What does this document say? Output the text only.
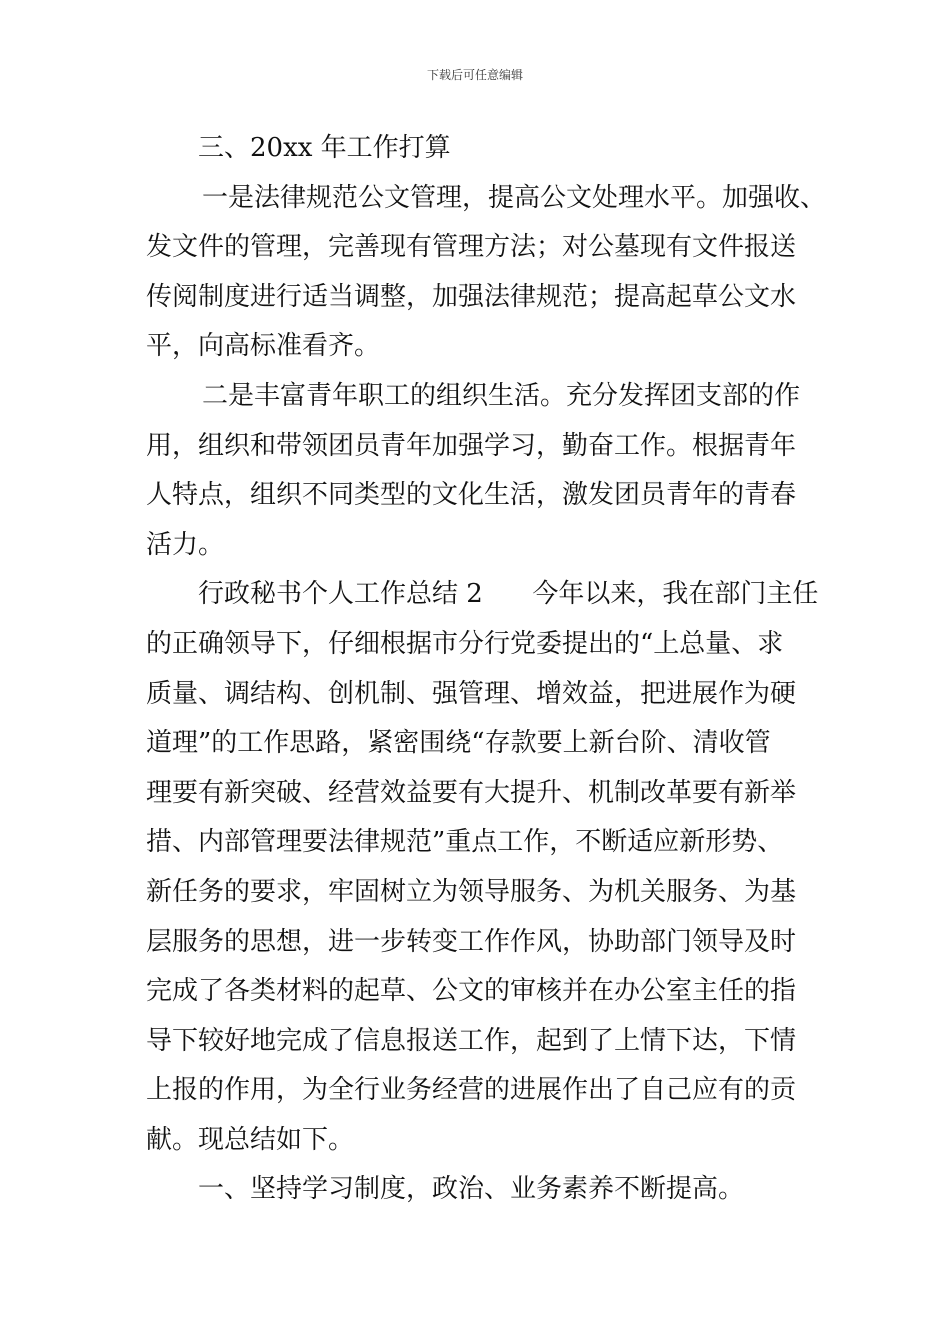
下载后可任意编辑
三、20xx 年工作打算
一是法律规范公文管理，提高公文处理水平。加强收、
发文件的管理，完善现有管理方法；对公墓现有文件报送
传阅制度进行适当调整，加强法律规范；提高起草公文水
平，向高标准看齐。
二是丰富青年职工的组织生活。充分发挥团支部的作
用，组织和带领团员青年加强学习，勤奋工作。根据青年
人特点，组织不同类型的文化生活，激发团员青年的青春
活力。
行政秘书个人工作总结 2      今年以来，我在部门主任
的正确领导下，仔细根据市分行党委提出的“上总量、求
质量、调结构、创机制、强管理、增效益，把进展作为硬
道理”的工作思路，紧密围绕“存款要上新台阶、清收管
理要有新突破、经营效益要有大提升、机制改革要有新举
措、内部管理要法律规范”重点工作，不断适应新形势、
新任务的要求，牢固树立为领导服务、为机关服务、为基
层服务的思想，进一步转变工作作风，协助部门领导及时
完成了各类材料的起草、公文的审核并在办公室主任的指
导下较好地完成了信息报送工作，起到了上情下达，下情
上报的作用，为全行业务经营的进展作出了自己应有的贡
献。现总结如下。
一、坚持学习制度，政治、业务素养不断提高。
